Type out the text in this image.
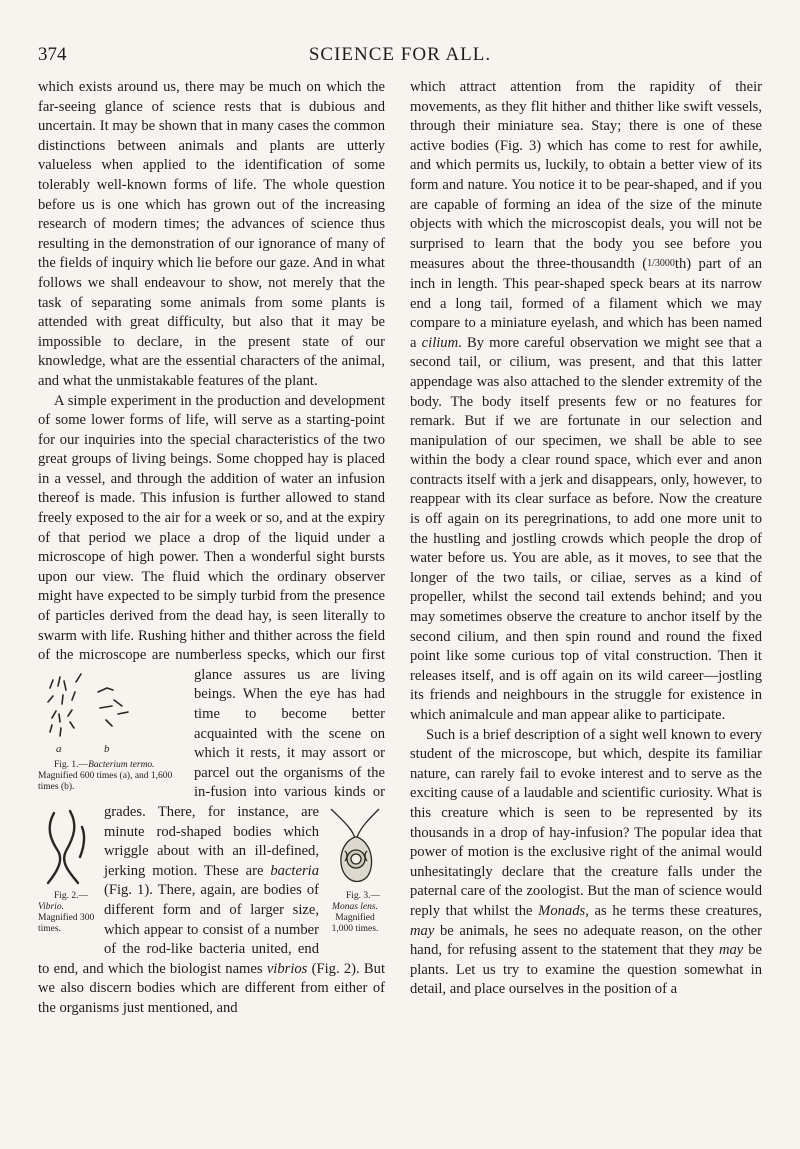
374	SCIENCE FOR ALL.

which exists around us, there may be much on which the far-seeing glance of science rests that is dubious and uncertain. It may be shown that in many cases the common distinctions between animals and plants are utterly valueless when applied to the identification of some tolerably well-known forms of life. The whole question before us is one which has grown out of the increasing research of modern times; the advances of science thus resulting in the demonstration of our ignorance of many of the fields of inquiry which lie before our gaze. And in what follows we shall endeavour to show, not merely that the task of separating some animals from some plants is attended with great difficulty, but also that it may be impossible to declare, in the present state of our knowledge, what are the essential characters of the animal, and what the unmistakable features of the plant.

A simple experiment in the production and development of some lower forms of life, will serve as a starting-point for our inquiries into the special characteristics of the two great groups of living beings. Some chopped hay is placed in a vessel, and through the addition of water an infusion thereof is made. This infusion is further allowed to stand freely exposed to the air for a week or so, and at the expiry of that period we place a drop of the liquid under a microscope of high power. Then a wonderful sight bursts upon our view. The fluid which the ordinary observer might have expected to be simply turbid from the presence of particles derived from the dead hay, is seen literally to swarm with life. Rushing hither and thither across the field of the microscope are numberless
a	b
Fig. 1.—Bacterium termo.
Magnified 600 times (a), and 1,600 times (b).
specks, which our first glance assures us are living beings. When the eye has had time to become better acquainted with the scene on which it rests, it may assort or parcel out the organisms of the in-fusion into various kinds or grades. There, for instance, are
Fig. 2.—
Vibrio.
Magnified 300 times.
Fig. 3.—
Monas lens.
Magnified 1,000 times.
minute rod-shaped bodies which wriggle about with an ill-defined, jerking motion. These are bacteria (Fig. 1). There, again, are bodies of different form and of larger size, which appear to consist of a number of the rod-like bacteria united, end to end, and which the biologist names vibrios (Fig. 2). But we also discern bodies which are different from either of the organisms just mentioned, and

which attract attention from the rapidity of their movements, as they flit hither and thither like swift vessels, through their miniature sea. Stay; there is one of these active bodies (Fig. 3) which has come to rest for awhile, and which permits us, luckily, to obtain a better view of its form and nature. You notice it to be pear-shaped, and if you are capable of forming an idea of the size of the minute objects with which the microscopist deals, you will not be surprised to learn that the body you see before you measures about the three-thousandth (1/3000th) part of an inch in length. This pear-shaped speck bears at its narrow end a long tail, formed of a filament which we may compare to a miniature eyelash, and which has been named a cilium. By more careful observation we might see that a second tail, or cilium, was present, and that this latter appendage was also attached to the slender extremity of the body. The body itself presents few or no features for remark. But if we are fortunate in our selection and manipulation of our specimen, we shall be able to see within the body a clear round space, which ever and anon contracts itself with a jerk and disappears, only, however, to reappear with its clear surface as before. Now the creature is off again on its peregrinations, to add one more unit to the hustling and jostling crowds which people the drop of water before us. You are able, as it moves, to see that the longer of the two tails, or ciliae, serves as a kind of propeller, whilst the second tail extends behind; and you may sometimes observe the creature to anchor itself by the second cilium, and then spin round and round the fixed point like some curious top of vital construction. Then it releases itself, and is off again on its wild career—jostling its friends and neighbours in the struggle for existence in which animalcule and man appear alike to participate.

Such is a brief description of a sight well known to every student of the microscope, but which, despite its familiar nature, can rarely fail to evoke interest and to serve as the exciting cause of a laudable and scientific curiosity. What is this creature which is seen to be represented by its thousands in a drop of hay-infusion? The popular idea that power of motion is the exclusive right of the animal would unhesitatingly declare that the creature falls under the paternal care of the zoologist. But the man of science would reply that whilst the Monads, as he terms these creatures, may be animals, he sees no adequate reason, on the other hand, for refusing assent to the statement that they may be plants. Let us try to examine the question somewhat in detail, and place ourselves in the position of a
